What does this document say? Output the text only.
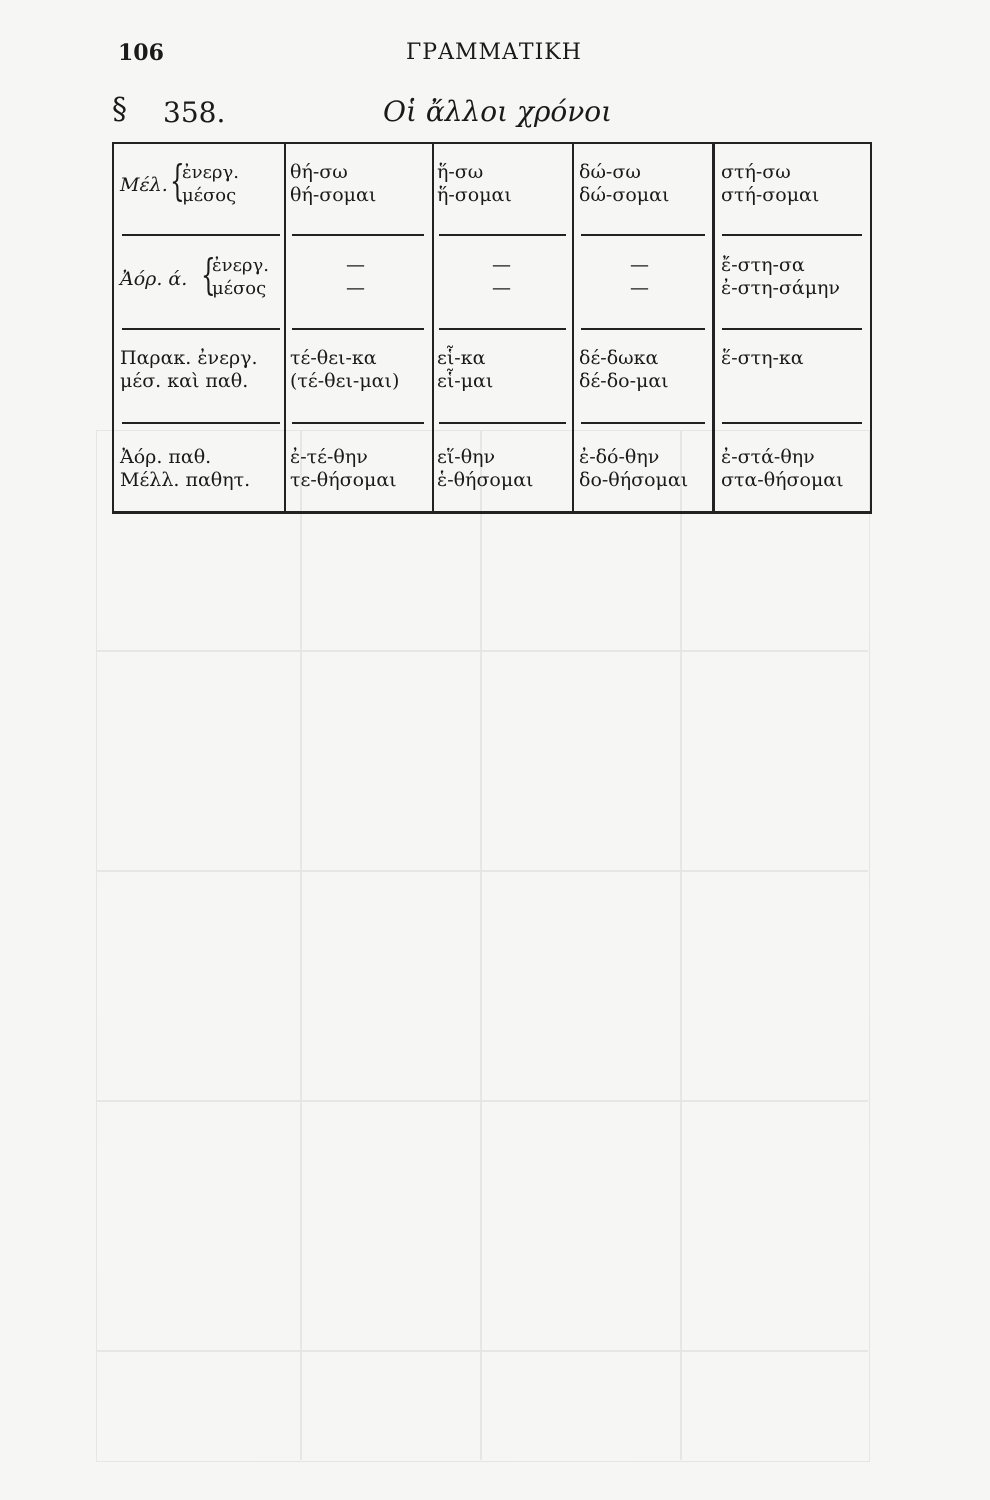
106	ΓΡΑΜΜΑΤΙΚΗ
§ 358.	Οἱ ἄλλοι χρόνοι
Μέλ. {
ἐνεργ.
μέσος
θή-σω
θή-σομαι
ἥ-σω
ἥ-σομαι
δώ-σω
δώ-σομαι
στή-σω
στή-σομαι
Ἀόρ. ά. {
ἐνεργ.
μέσος
—
—
—
—
—
—
ἔ-στη-σα
ἐ-στη-σάμην
Παρακ. ἐνεργ.
μέσ. καὶ παθ.
τέ-θει-κα
(τέ-θει-μαι)
εἷ-κα
εἷ-μαι
δέ-δωκα
δέ-δο-μαι
ἕ-στη-κα
Ἀόρ. παθ.
Μέλλ. παθητ.
ἐ-τέ-θην
τε-θήσομαι
εἵ-θην
ἑ-θήσομαι
ἐ-δό-θην
δο-θήσομαι
ἐ-στά-θην
στα-θήσομαι
